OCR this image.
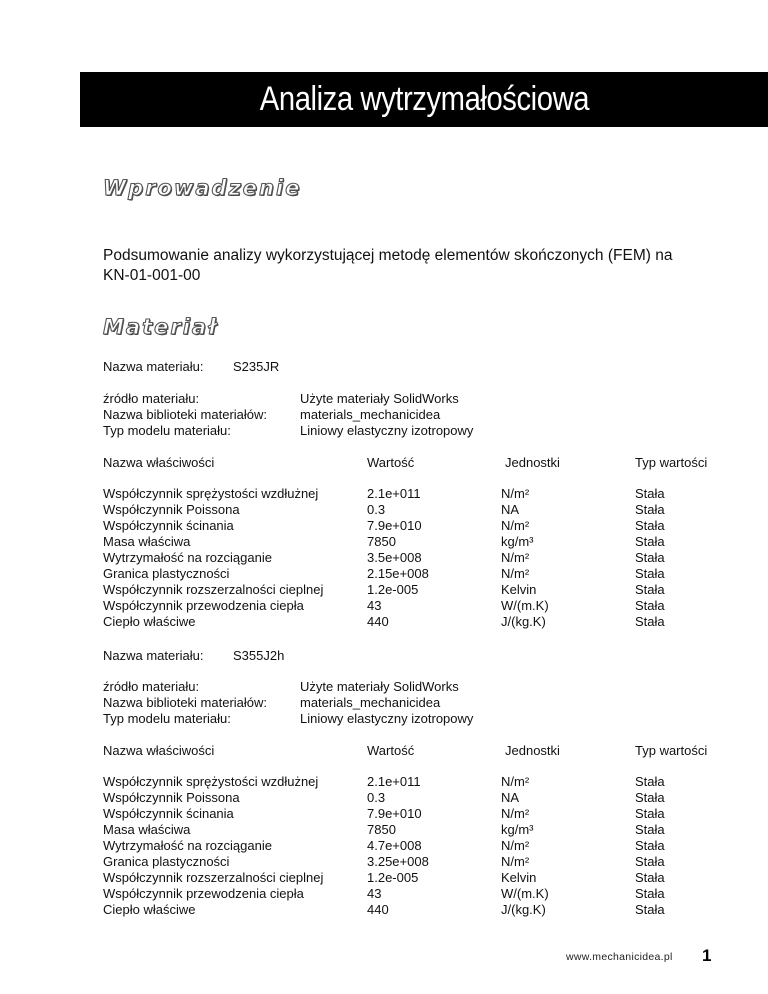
Analiza wytrzymałościowa
Wprowadzenie

Podsumowanie analizy wykorzystującej metodę elementów skończonych (FEM) na KN-01-001-00

Materiał
Nazwa materiału:	S235JR
źródło materiału:	Użyte materiały SolidWorks
Nazwa biblioteki materiałów:	materials_mechanicidea
Typ modelu materiału:	Liniowy elastyczny izotropowy
Nazwa właściwości	Wartość	Jednostki	Typ wartości
Współczynnik sprężystości wzdłużnej	2.1e+011	N/m²	Stała
Współczynnik Poissona	0.3	NA	Stała
Współczynnik ścinania	7.9e+010	N/m²	Stała
Masa właściwa	7850	kg/m³	Stała
Wytrzymałość na rozciąganie	3.5e+008	N/m²	Stała
Granica plastyczności	2.15e+008	N/m²	Stała
Współczynnik rozszerzalności cieplnej	1.2e-005	Kelvin	Stała
Współczynnik przewodzenia ciepła	43	W/(m.K)	Stała
Ciepło właściwe	440	J/(kg.K)	Stała
Nazwa materiału:	S355J2h
źródło materiału:	Użyte materiały SolidWorks
Nazwa biblioteki materiałów:	materials_mechanicidea
Typ modelu materiału:	Liniowy elastyczny izotropowy
Nazwa właściwości	Wartość	Jednostki	Typ wartości
Współczynnik sprężystości wzdłużnej	2.1e+011	N/m²	Stała
Współczynnik Poissona	0.3	NA	Stała
Współczynnik ścinania	7.9e+010	N/m²	Stała
Masa właściwa	7850	kg/m³	Stała
Wytrzymałość na rozciąganie	4.7e+008	N/m²	Stała
Granica plastyczności	3.25e+008	N/m²	Stała
Współczynnik rozszerzalności cieplnej	1.2e-005	Kelvin	Stała
Współczynnik przewodzenia ciepła	43	W/(m.K)	Stała
Ciepło właściwe	440	J/(kg.K)	Stała
www.mechanicidea.pl 1
